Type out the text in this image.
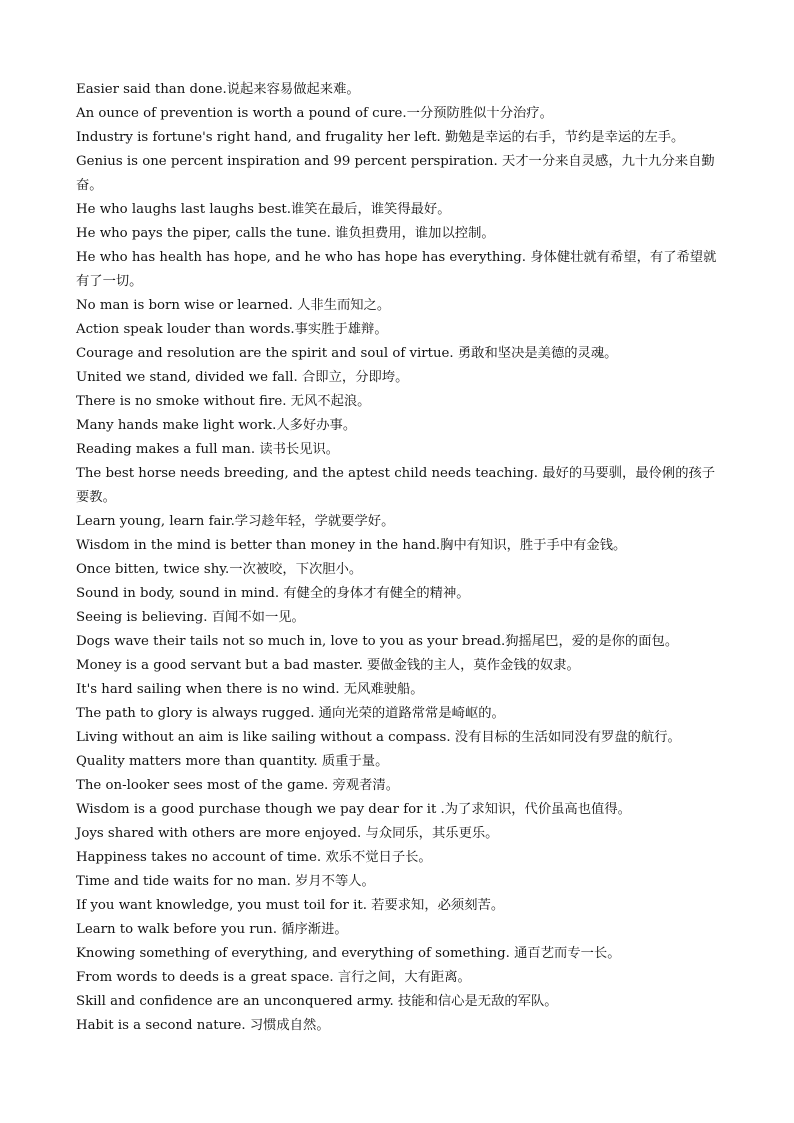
Easier said than done.说起来容易做起来难。

An ounce of prevention is worth a pound of cure.一分预防胜似十分治疗。

Industry is fortune's right hand, and frugality her left. 勤勉是幸运的右手，节约是幸运的左手。

Genius is one percent inspiration and 99 percent perspiration. 天才一分来自灵感，九十九分来自勤奋。

He who laughs last laughs best.谁笑在最后，谁笑得最好。

He who pays the piper, calls the tune. 谁负担费用，谁加以控制。

He who has health has hope, and he who has hope has everything. 身体健壮就有希望，有了希望就有了一切。

No man is born wise or learned. 人非生而知之。

Action speak louder than words.事实胜于雄辩。

Courage and resolution are the spirit and soul of virtue. 勇敢和坚决是美德的灵魂。

United we stand, divided we fall. 合即立，分即垮。

There is no smoke without fire. 无风不起浪。

Many hands make light work.人多好办事。

Reading makes a full man. 读书长见识。

The best horse needs breeding, and the aptest child needs teaching. 最好的马要驯，最伶俐的孩子要教。

Learn young, learn fair.学习趁年轻，学就要学好。

Wisdom in the mind is better than money in the hand.胸中有知识，胜于手中有金钱。

Once bitten, twice shy.一次被咬，下次胆小。

Sound in body, sound in mind. 有健全的身体才有健全的精神。

Seeing is believing. 百闻不如一见。

Dogs wave their tails not so much in, love to you as your bread.狗摇尾巴，爱的是你的面包。

Money is a good servant but a bad master. 要做金钱的主人，莫作金钱的奴隶。

It's hard sailing when there is no wind. 无风难驶船。

The path to glory is always rugged. 通向光荣的道路常常是崎岖的。

Living without an aim is like sailing without a compass. 没有目标的生活如同没有罗盘的航行。

Quality matters more than quantity. 质重于量。

The on-looker sees most of the game. 旁观者清。

Wisdom is a good purchase though we pay dear for it .为了求知识，代价虽高也值得。

Joys shared with others are more enjoyed. 与众同乐，其乐更乐。

Happiness takes no account of time. 欢乐不觉日子长。

Time and tide waits for no man. 岁月不等人。

If you want knowledge, you must toil for it. 若要求知，必须刻苦。

Learn to walk before you run. 循序渐进。

Knowing something of everything, and everything of something. 通百艺而专一长。

From words to deeds is a great space. 言行之间，大有距离。

Skill and confidence are an unconquered army. 技能和信心是无敌的军队。

Habit is a second nature. 习惯成自然。
